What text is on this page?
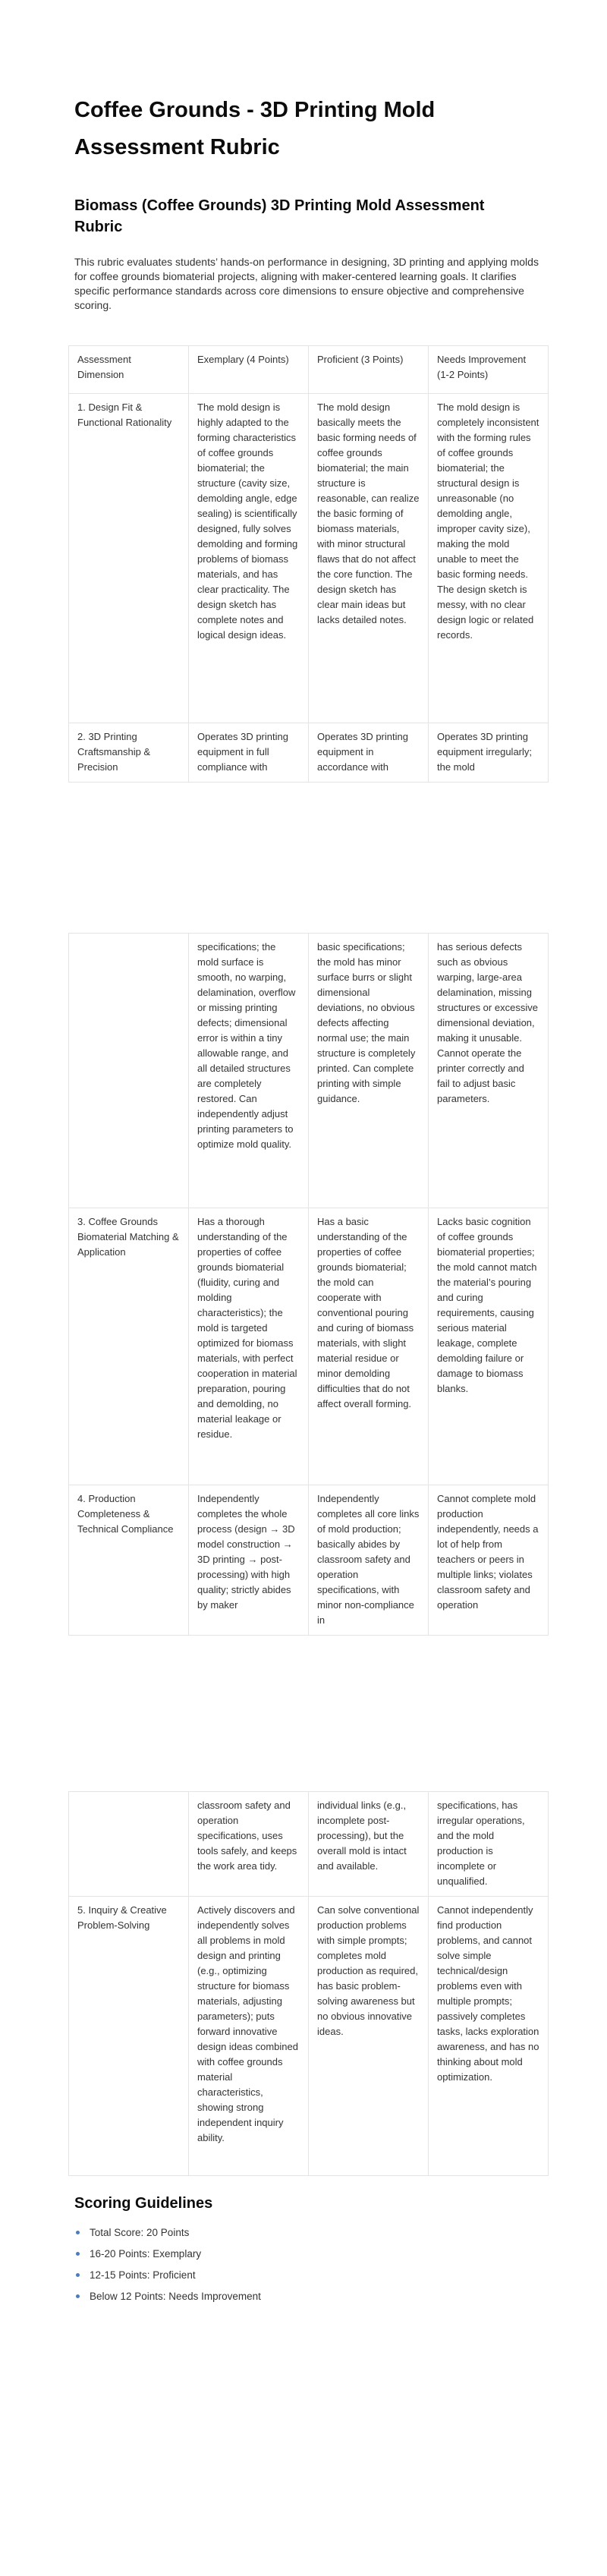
Coffee Grounds - 3D Printing Mold Assessment Rubric
Biomass (Coffee Grounds) 3D Printing Mold Assessment Rubric

This rubric evaluates students’ hands-on performance in designing, 3D printing and applying molds for coffee grounds biomaterial projects, aligning with maker-centered learning goals. It clarifies specific performance standards across core dimensions to ensure objective and comprehensive scoring.

Assessment Dimension	Exemplary (4 Points)	Proficient (3 Points)	Needs Improvement (1-2 Points)
1. Design Fit & Functional Rationality	The mold design is highly adapted to the forming characteristics of coffee grounds biomaterial; the structure (cavity size, demolding angle, edge sealing) is scientifically designed, fully solves demolding and forming problems of biomass materials, and has clear practicality. The design sketch has complete notes and logical design ideas.	The mold design basically meets the basic forming needs of coffee grounds biomaterial; the main structure is reasonable, can realize the basic forming of biomass materials, with minor structural flaws that do not affect the core function. The design sketch has clear main ideas but lacks detailed notes.	The mold design is completely inconsistent with the forming rules of coffee grounds biomaterial; the structural design is unreasonable (no demolding angle, improper cavity size), making the mold unable to meet the basic forming needs. The design sketch is messy, with no clear design logic or related records.
2. 3D Printing Craftsmanship & Precision	Operates 3D printing equipment in full compliance with	Operates 3D printing equipment in accordance with	Operates 3D printing equipment irregularly; the mold
	specifications; the mold surface is smooth, no warping, delamination, overflow or missing printing defects; dimensional error is within a tiny allowable range, and all detailed structures are completely restored. Can independently adjust printing parameters to optimize mold quality.	basic specifications; the mold has minor surface burrs or slight dimensional deviations, no obvious defects affecting normal use; the main structure is completely printed. Can complete printing with simple guidance.	has serious defects such as obvious warping, large-area delamination, missing structures or excessive dimensional deviation, making it unusable. Cannot operate the printer correctly and fail to adjust basic parameters.
3. Coffee Grounds Biomaterial Matching & Application	Has a thorough understanding of the properties of coffee grounds biomaterial (fluidity, curing and molding characteristics); the mold is targeted optimized for biomass materials, with perfect cooperation in material preparation, pouring and demolding, no material leakage or residue.	Has a basic understanding of the properties of coffee grounds biomaterial; the mold can cooperate with conventional pouring and curing of biomass materials, with slight material residue or minor demolding difficulties that do not affect overall forming.	Lacks basic cognition of coffee grounds biomaterial properties; the mold cannot match the material’s pouring and curing requirements, causing serious material leakage, complete demolding failure or damage to biomass blanks.
4. Production Completeness & Technical Compliance	Independently completes the whole process (design → 3D model construction → 3D printing → post-processing) with high quality; strictly abides by maker	Independently completes all core links of mold production; basically abides by classroom safety and operation specifications, with minor non-compliance in	Cannot complete mold production independently, needs a lot of help from teachers or peers in multiple links; violates classroom safety and operation
	classroom safety and operation specifications, uses tools safely, and keeps the work area tidy.	individual links (e.g., incomplete post-processing), but the overall mold is intact and available.	specifications, has irregular operations, and the mold production is incomplete or unqualified.
5. Inquiry & Creative Problem-Solving	Actively discovers and independently solves all problems in mold design and printing (e.g., optimizing structure for biomass materials, adjusting parameters); puts forward innovative design ideas combined with coffee grounds material characteristics, showing strong independent inquiry ability.	Can solve conventional production problems with simple prompts; completes mold production as required, has basic problem-solving awareness but no obvious innovative ideas.	Cannot independently find production problems, and cannot solve simple technical/design problems even with multiple prompts; passively completes tasks, lacks exploration awareness, and has no thinking about mold optimization.
Scoring Guidelines
Total Score: 20 Points
16-20 Points: Exemplary
12-15 Points: Proficient
Below 12 Points: Needs Improvement
